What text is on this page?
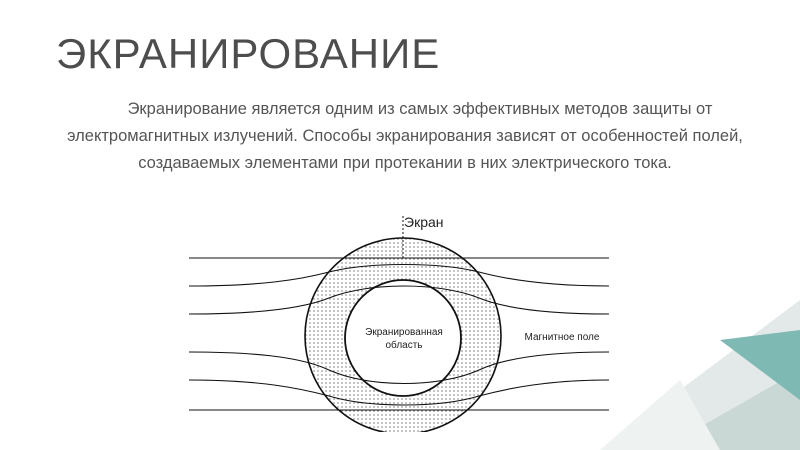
ЭКРАНИРОВАНИЕ
Экранирование является одним из самых эффективных методов защиты от электромагнитных излучений. Способы экранирования зависят от особенностей полей, создаваемых элементами при протекании в них электрического тока.
Экранированная
область
Магнитное поле
Экран
